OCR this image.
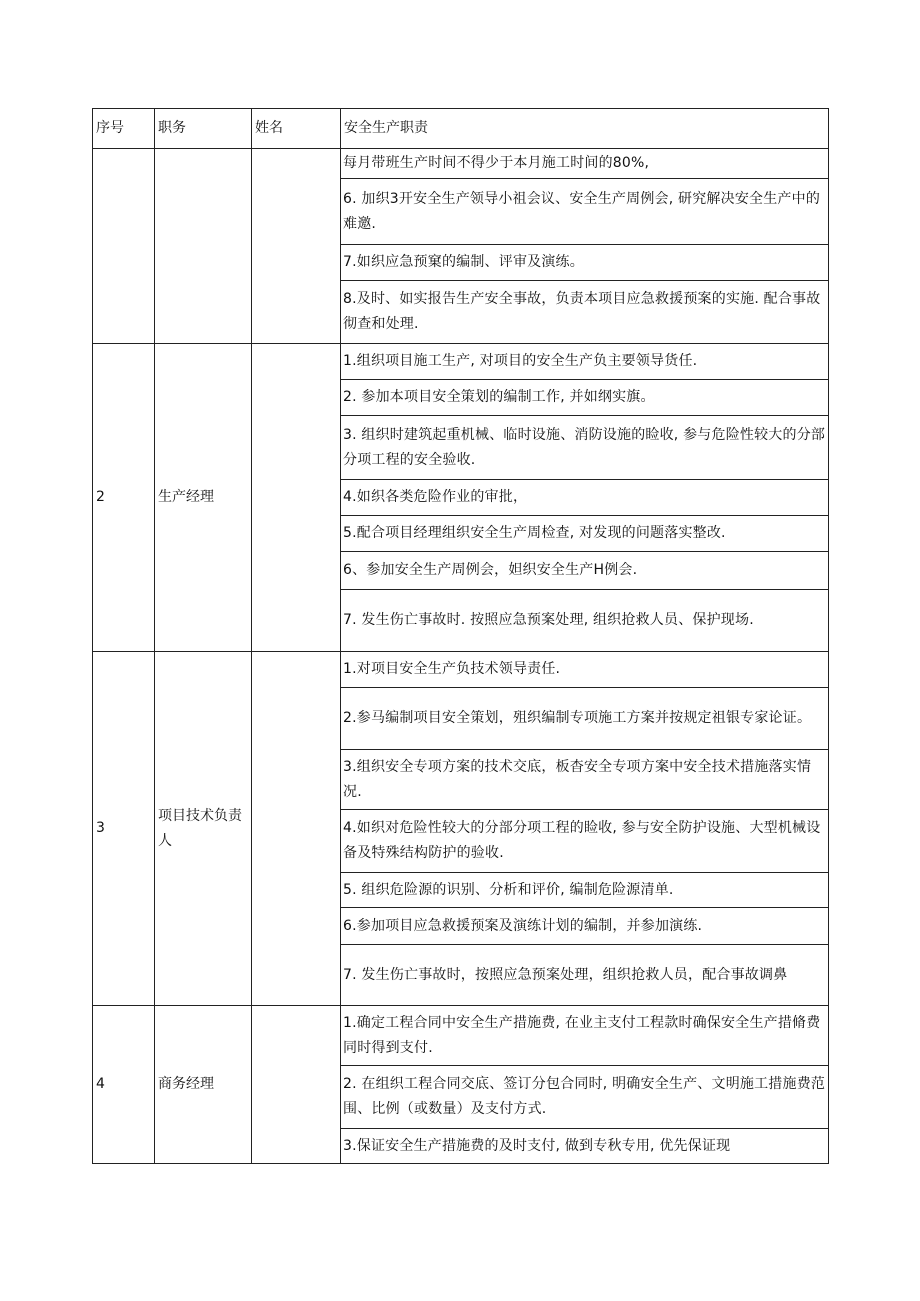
序号	职务	姓名	安全生产职责
			每月带班生产时间不得少于本月施工时间的80%,
			6. 加织3开安全生产领导小祖会议、安全生产周例会, 研究解决安全生产中的难邀.
			7.如织应急预窠的编制、评审及演练。
			8.及时、如实报告生产安全事故，负责本项目应急救援预案的实施. 配合事故彻查和处理.
2	生产经理		1.组织项目施工生产, 对项目的安全生产负主要领导货任.
			2. 参加本项目安全策划的编制工作, 并如纲实旗。
			3. 组织时建筑起重机械、临时设施、消防设施的睑收, 参与危险性较大的分部分项工程的安全验收.
			4.如织各类危险作业的审批，
			5.配合项目经理组织安全生产周检查, 对发现的问题落实整改.
			6、参加安全生产周例会，妲织安全生产H例会.
			7. 发生伤亡事故时. 按照应急预案处理, 组织抢救人员、保护现场.
3	项目技术负责人		1.对项目安全生产负技术领导责任.
			2.参马编制项目安全策划，殂织编制专项施工方案并按规定祖银专家论证。
			3.组织安全专项方案的技术交底，板杳安全专项方案中安全技术措施落实情况.
			4.如织对危险性较大的分部分项工程的睑收, 参与安全防护设施、大型机械设备及特殊结构防护的验收.
			5. 组织危险源的识别、分析和评价, 编制危险源清单.
			6.参加项目应急救援预案及演练计划的编制，并参加演练.
			7. 发生伤亡事故时，按照应急预案处理，组织抢救人员，配合事故调鼻
4	商务经理		1.确定工程合同中安全生产措施费, 在业主支付工程款时确保安全生产措脩费同时得到支付.
			2. 在组织工程合同交底、签订分包合同时, 明确安全生产、文明施工措施费范围、比例（或数量）及支付方式.
			3.保证安全生产措施费的及时支付, 做到专秋专用, 优先保证现
